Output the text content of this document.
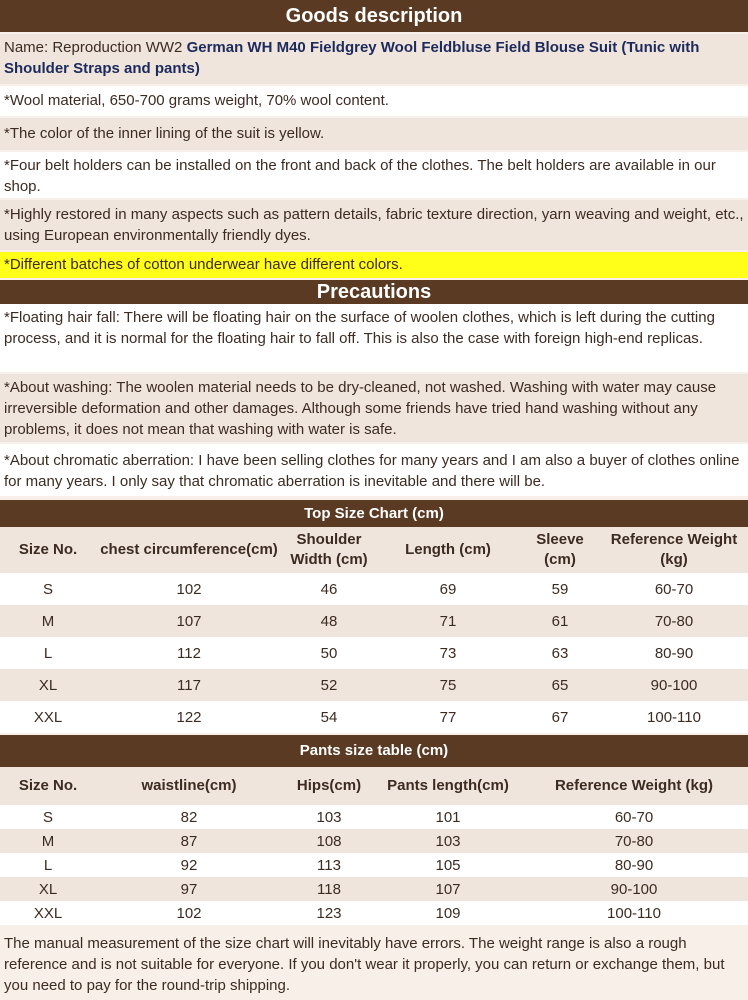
Goods description
Name: Reproduction WW2 German WH M40 Fieldgrey Wool Feldbluse Field Blouse Suit (Tunic with Shoulder Straps and pants)
*Wool material, 650-700 grams weight, 70% wool content.
*The color of the inner lining of the suit is yellow.
*Four belt holders can be installed on the front and back of the clothes. The belt holders are available in our shop.
*Highly restored in many aspects such as pattern details, fabric texture direction, yarn weaving and weight, etc., using European environmentally friendly dyes.
*Different batches of cotton underwear have different colors.
Precautions
*Floating hair fall: There will be floating hair on the surface of woolen clothes, which is left during the cutting process, and it is normal for the floating hair to fall off. This is also the case with foreign high-end replicas.
*About washing: The woolen material needs to be dry-cleaned, not washed. Washing with water may cause irreversible deformation and other damages. Although some friends have tried hand washing without any problems, it does not mean that washing with water is safe.
*About chromatic aberration: I have been selling clothes for many years and I am also a buyer of clothes online for many years. I only say that chromatic aberration is inevitable and there will be.
Top Size Chart (cm)
Size No.	chest circumference(cm)	Shoulder Width (cm)	Length (cm)	Sleeve (cm)	Reference Weight (kg)
S	102	46	69	59	60-70
M	107	48	71	61	70-80
L	112	50	73	63	80-90
XL	117	52	75	65	90-100
XXL	122	54	77	67	100-110
Pants size table (cm)
Size No.	waistline(cm)	Hips(cm)	Pants length(cm)	Reference Weight (kg)
S	82	103	101	60-70
M	87	108	103	70-80
L	92	113	105	80-90
XL	97	118	107	90-100
XXL	102	123	109	100-110
The manual measurement of the size chart will inevitably have errors. The weight range is also a rough reference and is not suitable for everyone. If you don't wear it properly, you can return or exchange them, but you need to pay for the round-trip shipping.
